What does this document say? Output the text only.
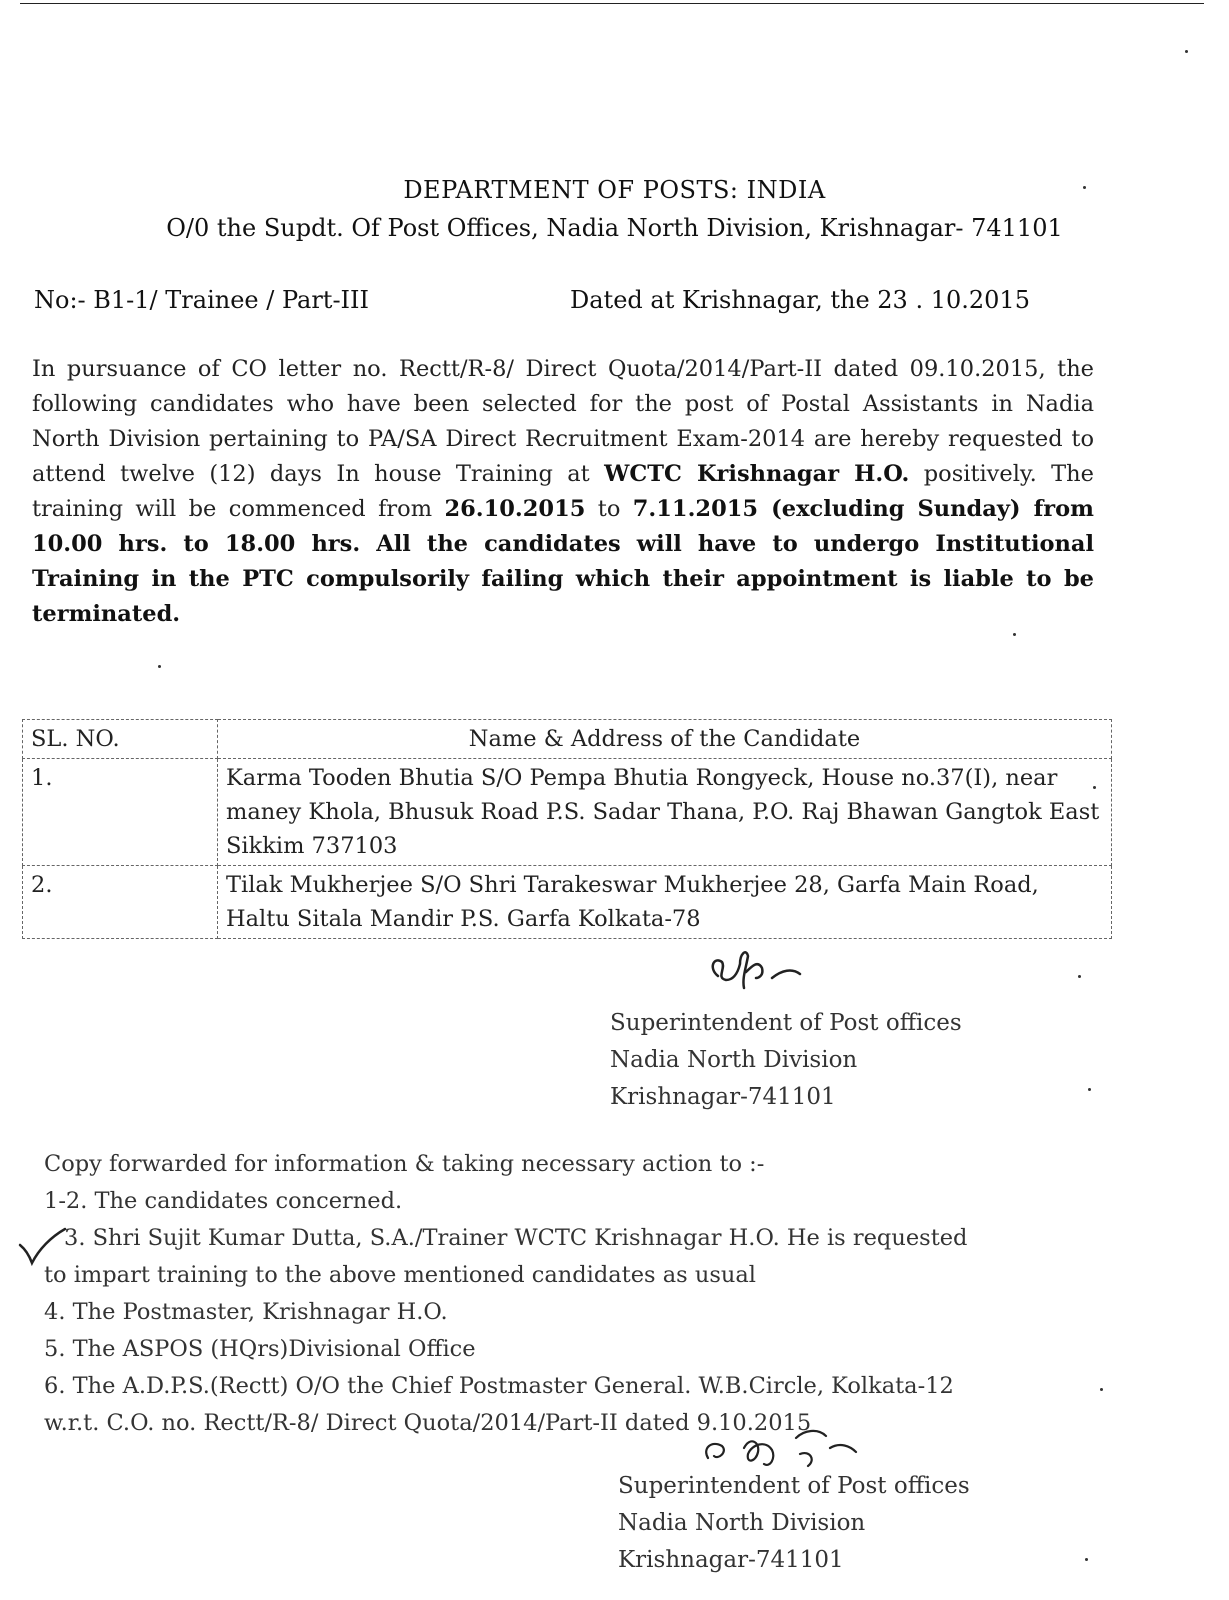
DEPARTMENT OF POSTS: INDIA
O/0 the Supdt. Of Post Offices, Nadia North Division, Krishnagar- 741101
No:- B1-1/ Trainee / Part-III	Dated at Krishnagar, the 23 . 10.2015
In pursuance of CO letter no. Rectt/R-8/ Direct Quota/2014/Part-II dated 09.10.2015, the following candidates who have been selected for the post of Postal Assistants in Nadia North Division pertaining to PA/SA Direct Recruitment Exam-2014 are hereby requested to attend twelve (12) days In house Training at WCTC Krishnagar H.O. positively. The training will be commenced from 26.10.2015 to 7.11.2015 (excluding Sunday) from 10.00 hrs. to 18.00 hrs. All the candidates will have to undergo Institutional Training in the PTC compulsorily failing which their appointment is liable to be terminated.
SL. NO.	Name & Address of the Candidate
1.	Karma Tooden Bhutia S/O Pempa Bhutia Rongyeck, House no.37(I), near maney Khola, Bhusuk Road P.S. Sadar Thana, P.O. Raj Bhawan Gangtok East Sikkim 737103
2.	Tilak Mukherjee S/O Shri Tarakeswar Mukherjee 28, Garfa Main Road, Haltu Sitala Mandir P.S. Garfa Kolkata-78
Superintendent of Post offices
Nadia North Division
Krishnagar-741101
Copy forwarded for information & taking necessary action to :-
1-2. The candidates concerned.
3. Shri Sujit Kumar Dutta, S.A./Trainer WCTC Krishnagar H.O. He is requested
to impart training to the above mentioned candidates as usual
4. The Postmaster, Krishnagar H.O.
5. The ASPOS (HQrs)Divisional Office
6. The A.D.P.S.(Rectt) O/O the Chief Postmaster General. W.B.Circle, Kolkata-12
w.r.t. C.O. no. Rectt/R-8/ Direct Quota/2014/Part-II dated 9.10.2015
Superintendent of Post offices
Nadia North Division
Krishnagar-741101
